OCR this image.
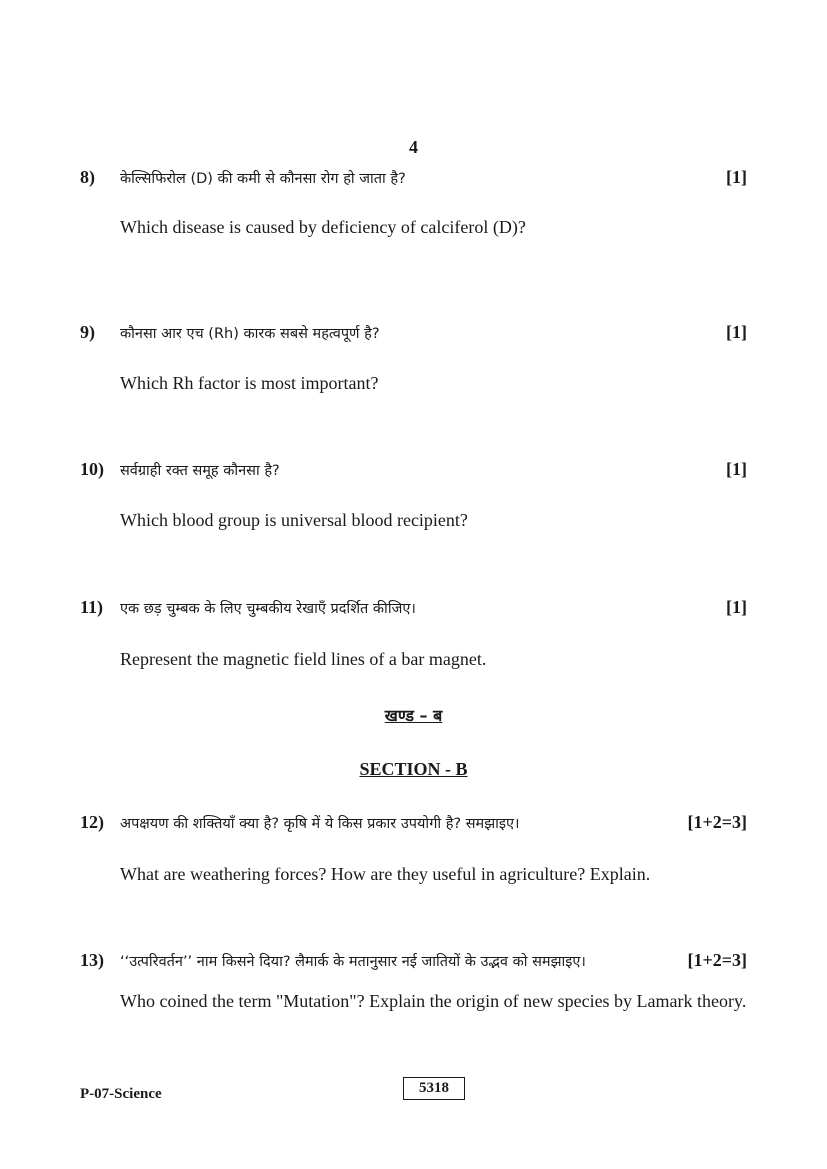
4
8) केल्सिफिरोल (D) की कमी से कौनसा रोग हो जाता है?	[1]
Which disease is caused by deficiency of calciferol (D)?
9) कौनसा आर एच (Rh) कारक सबसे महत्वपूर्ण है?	[1]
Which Rh factor is most important?
10) सर्वग्राही रक्त समूह कौनसा है?	[1]
Which blood group is universal blood recipient?
11) एक छड़ चुम्बक के लिए चुम्बकीय रेखाएँ प्रदर्शित कीजिए।	[1]
Represent the magnetic field lines of a bar magnet.
खण्ड – ब
SECTION - B
12) अपक्षयण की शक्तियाँ क्या है? कृषि में ये किस प्रकार उपयोगी है? समझाइए।	[1+2=3]
What are weathering forces? How are they useful in agriculture? Explain.
13) ‘‘उत्परिवर्तन’’ नाम किसने दिया? लैमार्क के मतानुसार नई जातियों के उद्भव को समझाइए।	[1+2=3]
Who coined the term "Mutation"? Explain the origin of new species by Lamark theory.
P-07-Science	5318
